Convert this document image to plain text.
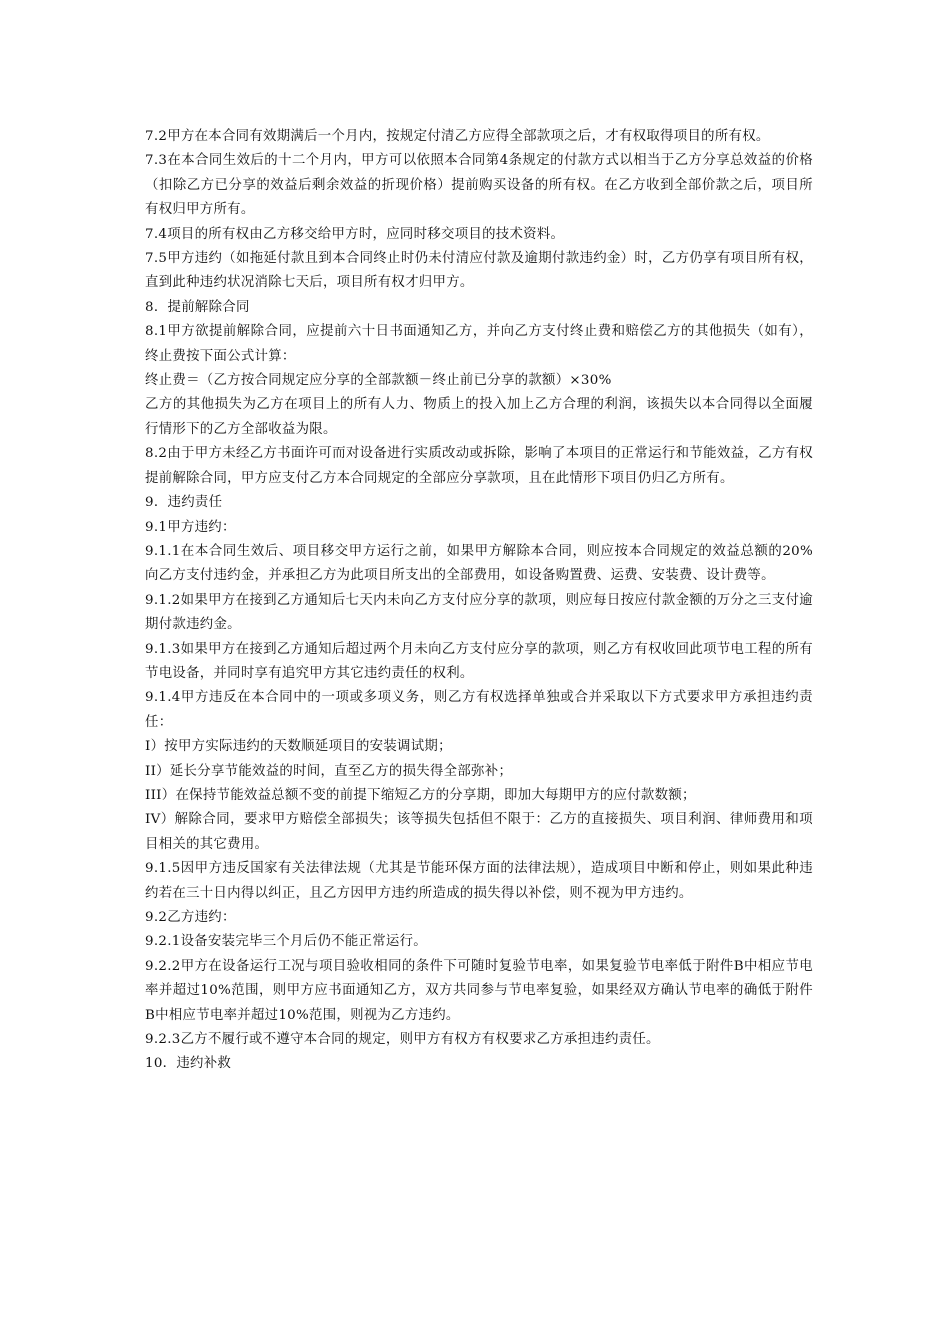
7.2甲方在本合同有效期满后一个月内，按规定付清乙方应得全部款项之后，才有权取得项目的所有权。

7.3在本合同生效后的十二个月内，甲方可以依照本合同第4条规定的付款方式以相当于乙方分享总效益的价格（扣除乙方已分享的效益后剩余效益的折现价格）提前购买设备的所有权。在乙方收到全部价款之后，项目所有权归甲方所有。

7.4项目的所有权由乙方移交给甲方时，应同时移交项目的技术资料。

7.5甲方违约（如拖延付款且到本合同终止时仍未付清应付款及逾期付款违约金）时，乙方仍享有项目所有权，直到此种违约状况消除七天后，项目所有权才归甲方。

8．提前解除合同

8.1甲方欲提前解除合同，应提前六十日书面通知乙方，并向乙方支付终止费和赔偿乙方的其他损失（如有），终止费按下面公式计算：

终止费＝（乙方按合同规定应分享的全部款额－终止前已分享的款额）×30%

乙方的其他损失为乙方在项目上的所有人力、物质上的投入加上乙方合理的利润，该损失以本合同得以全面履行情形下的乙方全部收益为限。

8.2由于甲方未经乙方书面许可而对设备进行实质改动或拆除，影响了本项目的正常运行和节能效益，乙方有权提前解除合同，甲方应支付乙方本合同规定的全部应分享款项，且在此情形下项目仍归乙方所有。

9．违约责任

9.1甲方违约：

9.1.1在本合同生效后、项目移交甲方运行之前，如果甲方解除本合同，则应按本合同规定的效益总额的20%向乙方支付违约金，并承担乙方为此项目所支出的全部费用，如设备购置费、运费、安装费、设计费等。

9.1.2如果甲方在接到乙方通知后七天内未向乙方支付应分享的款项，则应每日按应付款金额的万分之三支付逾期付款违约金。

9.1.3如果甲方在接到乙方通知后超过两个月未向乙方支付应分享的款项，则乙方有权收回此项节电工程的所有节电设备，并同时享有追究甲方其它违约责任的权利。

9.1.4甲方违反在本合同中的一项或多项义务，则乙方有权选择单独或合并采取以下方式要求甲方承担违约责任：

I）按甲方实际违约的天数顺延项目的安装调试期；

II）延长分享节能效益的时间，直至乙方的损失得全部弥补；

III）在保持节能效益总额不变的前提下缩短乙方的分享期，即加大每期甲方的应付款数额；

IV）解除合同，要求甲方赔偿全部损失；该等损失包括但不限于：乙方的直接损失、项目利润、律师费用和项目相关的其它费用。

9.1.5因甲方违反国家有关法律法规（尤其是节能环保方面的法律法规），造成项目中断和停止，则如果此种违约若在三十日内得以纠正，且乙方因甲方违约所造成的损失得以补偿，则不视为甲方违约。

9.2乙方违约：

9.2.1设备安装完毕三个月后仍不能正常运行。

9.2.2甲方在设备运行工况与项目验收相同的条件下可随时复验节电率，如果复验节电率低于附件B中相应节电率并超过10%范围，则甲方应书面通知乙方，双方共同参与节电率复验，如果经双方确认节电率的确低于附件B中相应节电率并超过10%范围，则视为乙方违约。

9.2.3乙方不履行或不遵守本合同的规定，则甲方有权方有权要求乙方承担违约责任。

10．违约补救
